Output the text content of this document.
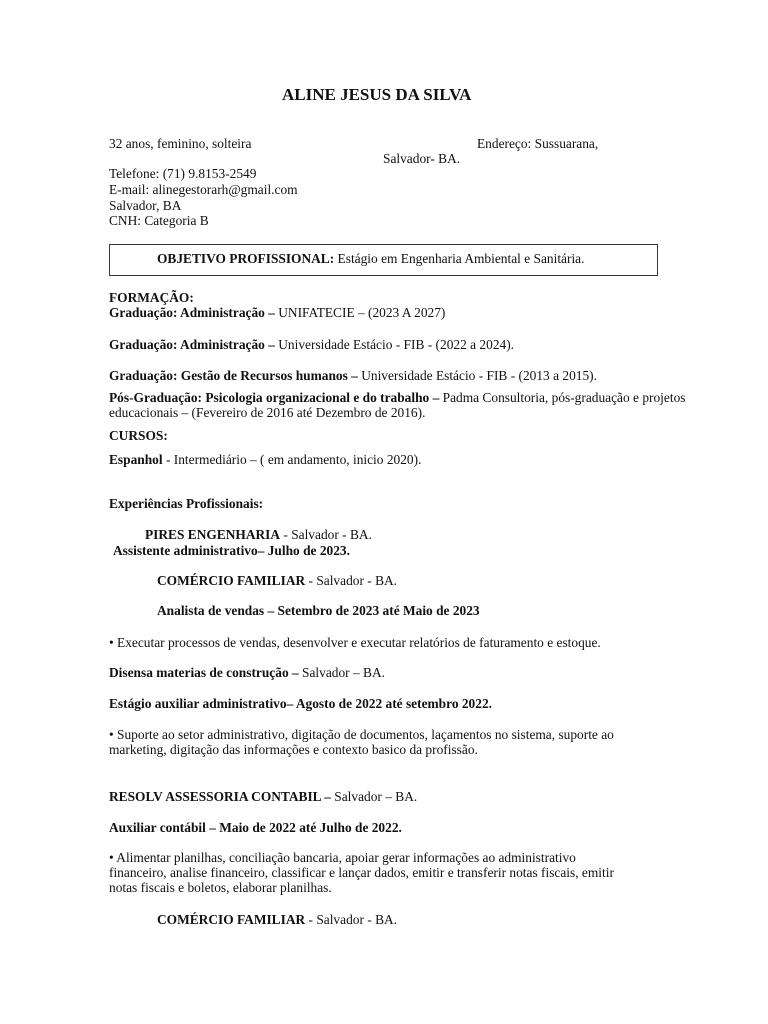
ALINE JESUS DA SILVA
32 anos, feminino, solteira	Endereço: Sussuarana,
Salvador- BA.
Telefone: (71) 9.8153-2549
E-mail: alinegestorarh@gmail.com
Salvador, BA
CNH: Categoria B
OBJETIVO PROFISSIONAL: Estágio em Engenharia Ambiental e Sanitária.
FORMAÇÃO:
Graduação: Administração – UNIFATECIE – (2023 A 2027)
Graduação: Administração – Universidade Estácio - FIB - (2022 a 2024).
Graduação: Gestão de Recursos humanos – Universidade Estácio - FIB - (2013 a 2015).
Pós-Graduação: Psicologia organizacional e do trabalho – Padma Consultoria, pós-graduação e projetos
educacionais – (Fevereiro de 2016 até Dezembro de 2016).
CURSOS:
Espanhol - Intermediário – ( em andamento, inicio 2020).
Experiências Profissionais:
PIRES ENGENHARIA - Salvador - BA.
Assistente administrativo– Julho de 2023.
COMÉRCIO FAMILIAR - Salvador - BA.
Analista de vendas – Setembro de 2023 até Maio de 2023
• Executar processos de vendas, desenvolver e executar relatórios de faturamento e estoque.
Disensa materias de construção – Salvador – BA.
Estágio auxiliar administrativo– Agosto de 2022 até setembro 2022.
• Suporte ao setor administrativo, digitação de documentos, laçamentos no sistema, suporte ao
marketing, digitação das informações e contexto basico da profissão.
RESOLV ASSESSORIA CONTABIL – Salvador – BA.
Auxiliar contábil – Maio de 2022 até Julho de 2022.
• Alimentar planilhas, conciliação bancaria, apoiar gerar informações ao administrativo
financeiro, analise financeiro, classificar e lançar dados, emitir e transferir notas fiscais, emitir
notas fiscais e boletos, elaborar planilhas.
COMÉRCIO FAMILIAR - Salvador - BA.
